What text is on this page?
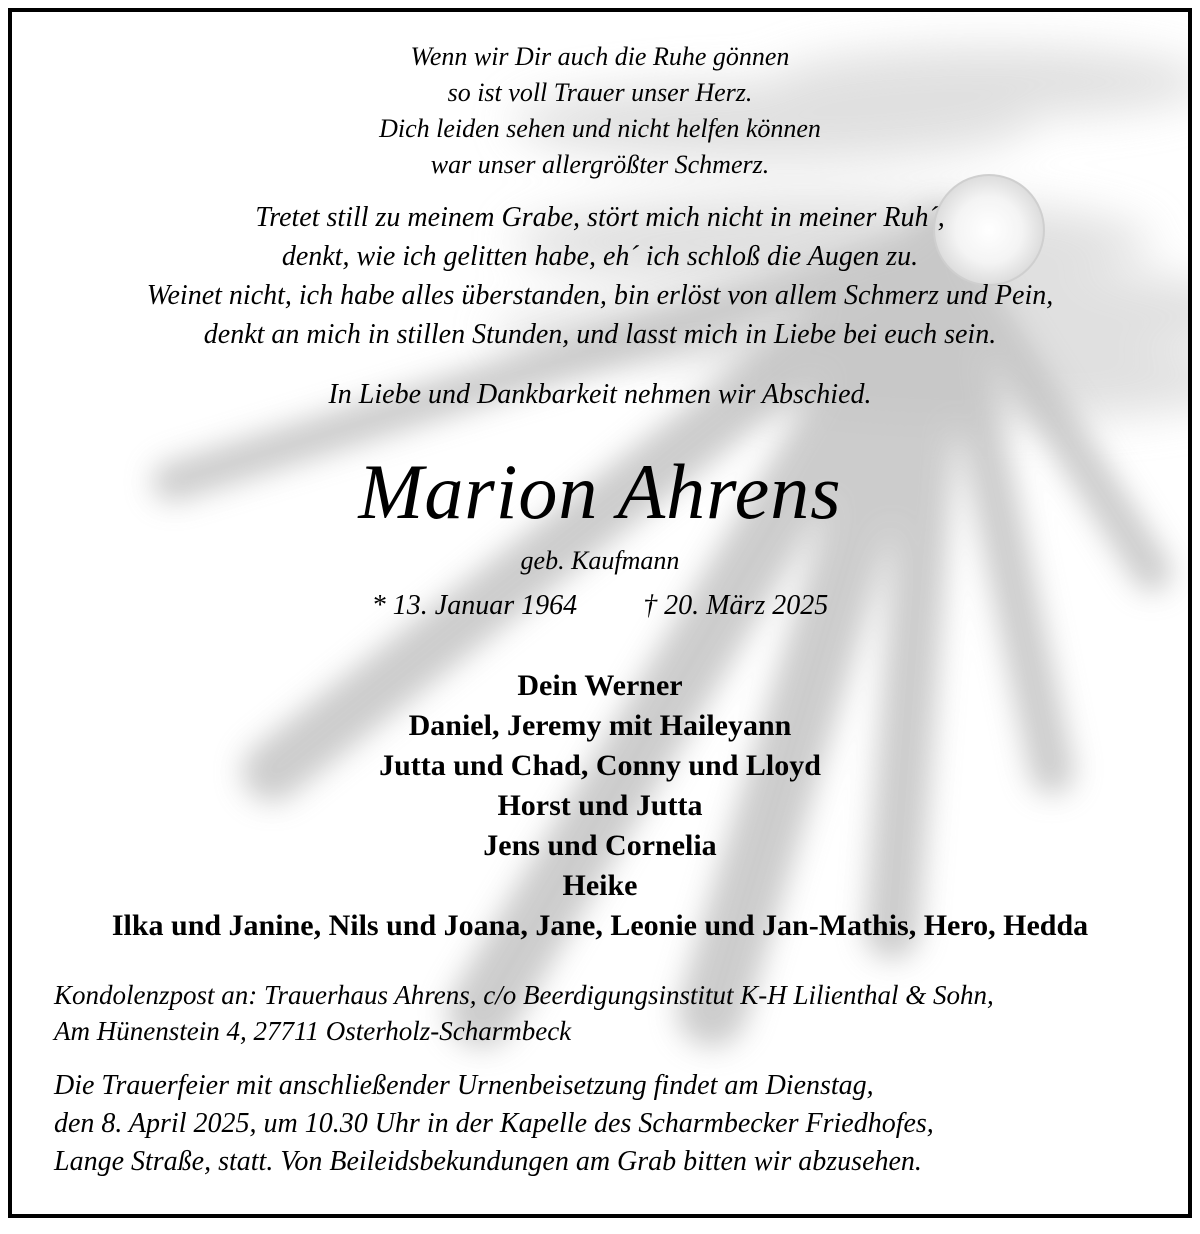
Wenn wir Dir auch die Ruhe gönnen
so ist voll Trauer unser Herz.
Dich leiden sehen und nicht helfen können
war unser allergrößter Schmerz.
Tretet still zu meinem Grabe, stört mich nicht in meiner Ruh´,
denkt, wie ich gelitten habe, eh´ ich schloß die Augen zu.
Weinet nicht, ich habe alles überstanden, bin erlöst von allem Schmerz und Pein,
denkt an mich in stillen Stunden, und lasst mich in Liebe bei euch sein.
In Liebe und Dankbarkeit nehmen wir Abschied.
Marion Ahrens
geb. Kaufmann
* 13. Januar 1964 † 20. März 2025
Dein Werner
Daniel, Jeremy mit Haileyann
Jutta und Chad, Conny und Lloyd
Horst und Jutta
Jens und Cornelia
Heike
Ilka und Janine, Nils und Joana, Jane, Leonie und Jan-Mathis, Hero, Hedda
Kondolenzpost an: Trauerhaus Ahrens, c/o Beerdigungsinstitut K-H Lilienthal & Sohn,
Am Hünenstein 4, 27711 Osterholz-Scharmbeck
Die Trauerfeier mit anschließender Urnenbeisetzung findet am Dienstag,
den 8. April 2025, um 10.30 Uhr in der Kapelle des Scharmbecker Friedhofes,
Lange Straße, statt. Von Beileidsbekundungen am Grab bitten wir abzusehen.
